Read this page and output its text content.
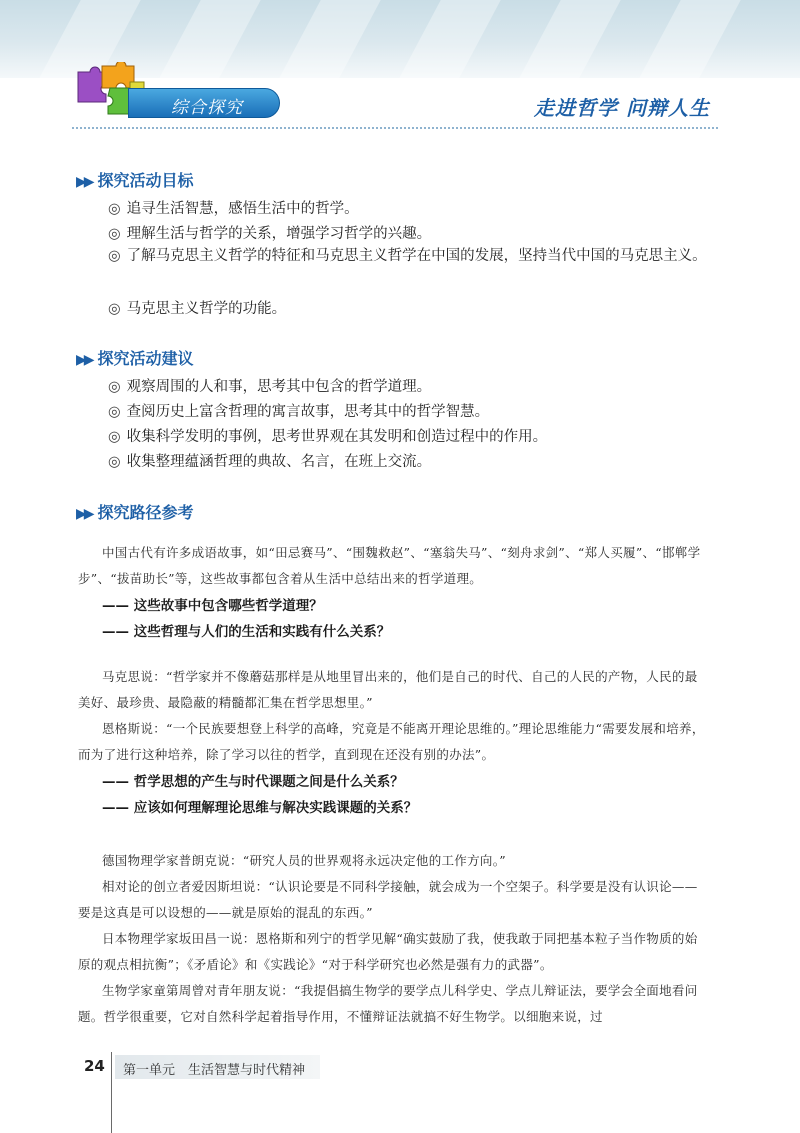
综合探究	走进哲学 问辩人生
▶▶ 探究活动目标
◎ 追寻生活智慧，感悟生活中的哲学。
◎ 理解生活与哲学的关系，增强学习哲学的兴趣。
◎ 了解马克思主义哲学的特征和马克思主义哲学在中国的发展，坚持当代中国的马克思主义。
◎ 马克思主义哲学的功能。
▶▶ 探究活动建议
◎ 观察周围的人和事，思考其中包含的哲学道理。
◎ 查阅历史上富含哲理的寓言故事，思考其中的哲学智慧。
◎ 收集科学发明的事例，思考世界观在其发明和创造过程中的作用。
◎ 收集整理蕴涵哲理的典故、名言，在班上交流。
▶▶ 探究路径参考

中国古代有许多成语故事，如“田忌赛马”、“围魏救赵”、“塞翁失马”、“刻舟求剑”、“郑人买履”、“邯郸学步”、“拔苗助长”等，这些故事都包含着从生活中总结出来的哲学道理。

—— 这些故事中包含哪些哲学道理？
—— 这些哲理与人们的生活和实践有什么关系？

马克思说：“哲学家并不像蘑菇那样是从地里冒出来的，他们是自己的时代、自己的人民的产物，人民的最美好、最珍贵、最隐蔽的精髓都汇集在哲学思想里。”

恩格斯说：“一个民族要想登上科学的高峰，究竟是不能离开理论思维的。”理论思维能力“需要发展和培养，而为了进行这种培养，除了学习以往的哲学，直到现在还没有别的办法”。

—— 哲学思想的产生与时代课题之间是什么关系？
—— 应该如何理解理论思维与解决实践课题的关系？

德国物理学家普朗克说：“研究人员的世界观将永远决定他的工作方向。”

相对论的创立者爱因斯坦说：“认识论要是不同科学接触，就会成为一个空架子。科学要是没有认识论——要是这真是可以设想的——就是原始的混乱的东西。”

日本物理学家坂田昌一说：恩格斯和列宁的哲学见解“确实鼓励了我，使我敢于同把基本粒子当作物质的始原的观点相抗衡”；《矛盾论》和《实践论》“对于科学研究也必然是强有力的武器”。

生物学家童第周曾对青年朋友说：“我提倡搞生物学的要学点儿科学史、学点儿辩证法，要学会全面地看问题。哲学很重要，它对自然科学起着指导作用，不懂辩证法就搞不好生物学。以细胞来说，过

24 第一单元　生活智慧与时代精神
